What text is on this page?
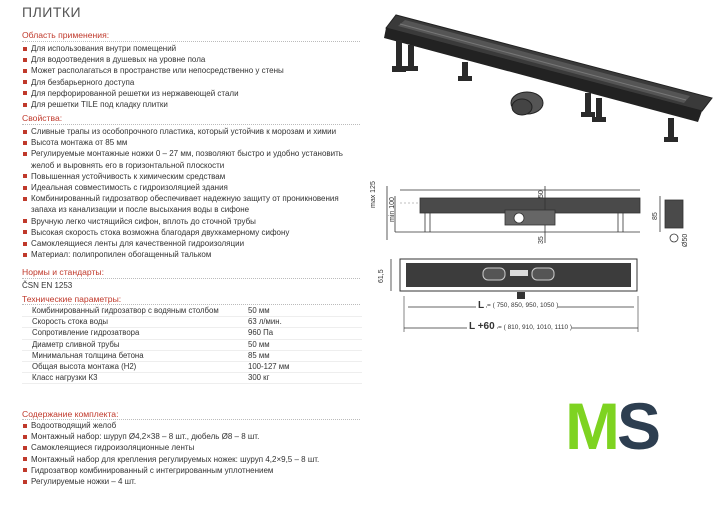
ПЛИТКИ
Область применения:
Для использования внутри помещений
Для водоотведения в душевых на уровне пола
Может располагаться в пространстве или непосредственно у стены
Для безбарьерного доступа
Для перфорированной решетки из нержавеющей стали
Для решетки TILE под кладку плитки
Свойства:
Сливные трапы из особопрочного пластика, который устойчив к морозам и химии
Высота монтажа от 85 мм
Регулируемые монтажные ножки 0 – 27 мм, позволяют быстро и удобно установить желоб и выровнять его в горизонтальной плоскости
Повышенная устойчивость к химическим средствам
Идеальная совместимость с гидроизоляцией здания
Комбинированный гидрозатвор обеспечивает надежную защиту от проникновения запаха из канализации и после высыхания воды в сифоне
Вручную легко чистящийся сифон, вплоть до сточной трубы
Высокая скорость стока возможна благодаря двухкамерному сифону
Самоклеящиеся ленты для качественной гидроизоляции
Материал: полипропилен обогащенный тальком
Нормы и стандарты:
ČSN EN 1253
Технические параметры:
Комбинированный гидрозатвор с водяным столбом	50 мм
Скорость стока воды	63 л/мин.
Сопротивление гидрозатвора	960 Па
Диаметр сливной трубы	50 мм
Минимальная толщина бетона	85 мм
Общая высота монтажа (H2)	100-127 мм
Класс нагрузки К3	300 кг
Содержание комплекта:
Водоотводящий желоб
Монтажный набор: шуруп Ø4,2×38 – 8 шт., дюбель Ø8 – 8 шт.
Самоклеящиеся гидроизоляционные ленты
Монтажный набор для крепления регулируемых ножек: шуруп 4,2×9,5 – 8 шт.
Гидрозатвор комбинированный с интегрированным уплотнением
Регулируемые ножки – 4 шт.
max 125
min 100
50
35
85
Ø50
61,5
L = ( 750, 850, 950, 1050 )
L +60 = ( 810, 910, 1010, 1110 )
M
S
